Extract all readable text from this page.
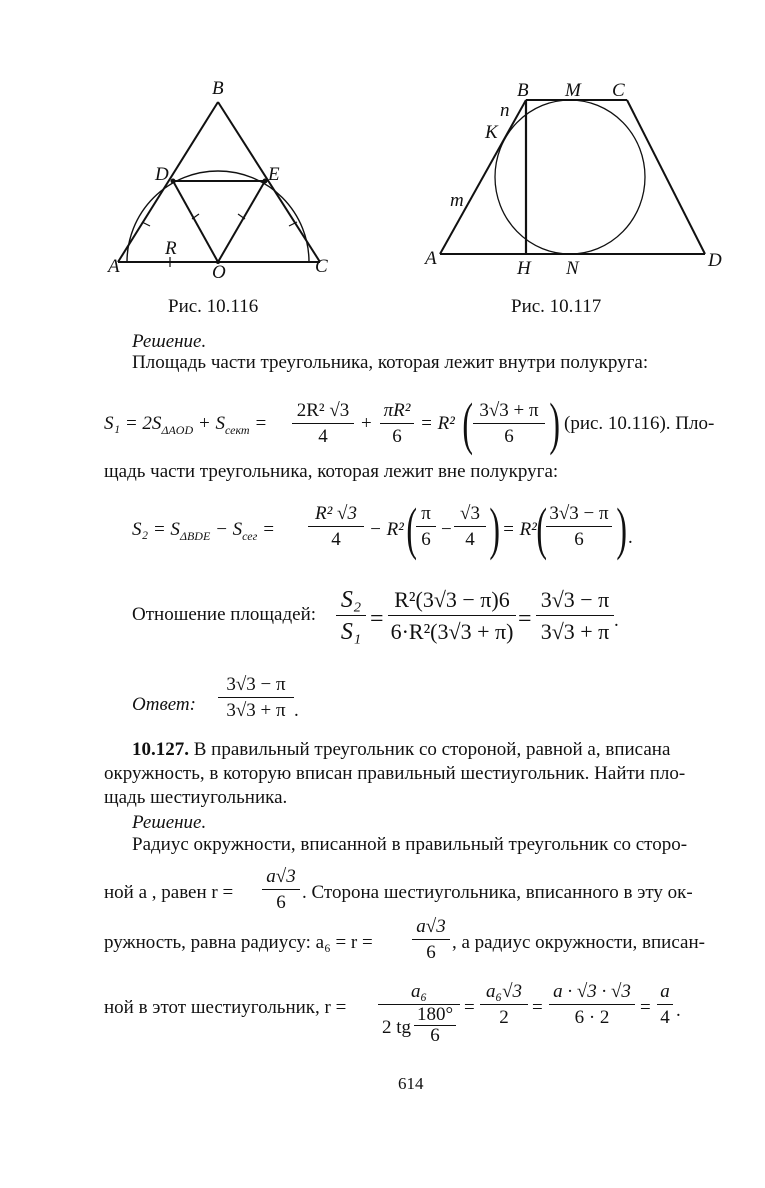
B
D	E
A	O	C
R
Рис. 10.116
B M C
n
K
m
A	H N	D
Рис. 10.117
Решение.
Площадь части треугольника, которая лежит внутри полукруга:
$S_1 = 2S_{\Delta AOD} + S_{сект}$ =
2R² √3
4
+
πR²
6
= R² ( 3√3 + π
6 ) (рис. 10.116). Пло-
щадь части треугольника, которая лежит вне полукруга:
$S_2 = S_{\Delta BDE} - S_{сег}$ =
R² √3
4	− R² ( π
6 −
√3
4 ) = R² ( 3√3 − π
6 ) .
Отношение площадей:
S₂
S₁ =
R²(3√3 − π)6
6·R²(3√3 + π) =
3√3 − π
3√3 + π .
Ответ:
3√3 − π
3√3 + π .
10.127. В правильный треугольник со стороной, равной a, вписана
окружность, в которую вписан правильный шестиугольник. Найти пло-
щадь шестиугольника.
Решение.
Радиус окружности, вписанной в правильный треугольник со сторо-
ной a , равен r =
a√3
6 . Сторона шестиугольника, вписанного в эту ок-
ружность, равна радиусу: a₆ = r =
a√3
6 , а радиус окружности, вписан-
ной в этот шестиугольник, r =
a₆
2 tg
180°
6
=
a₆√3
2	=
a · √3 · √3
6 · 2	=
a
4 .
614
